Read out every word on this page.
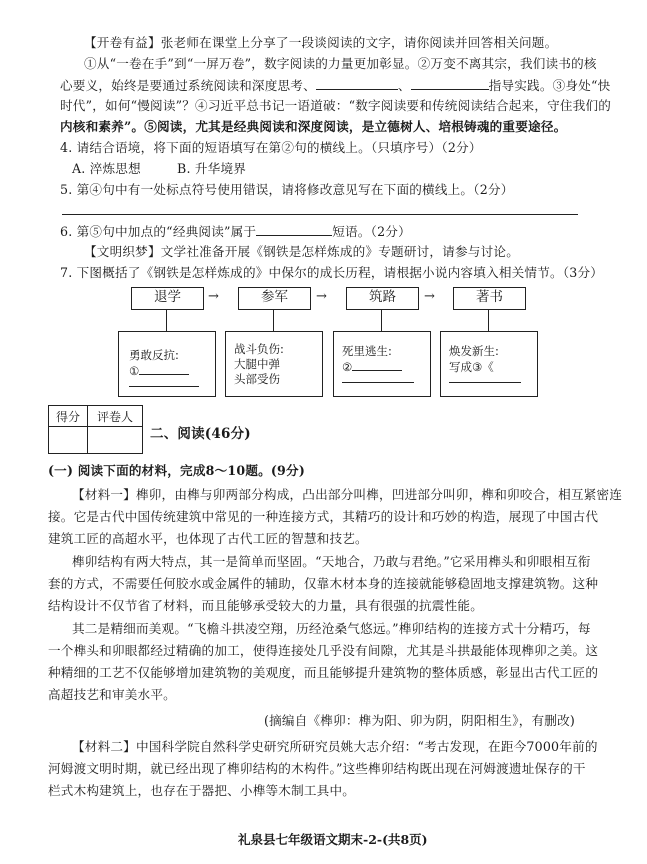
【开卷有益】张老师在课堂上分享了一段谈阅读的文字，请你阅读并回答相关问题。
①从“一卷在手”到“一屏万卷”，数字阅读的力量更加彰显。②万变不离其宗，我们读书的核
心要义，始终是要通过系统阅读和深度思考、	、	指导实践。③身处“快
时代”，如何“慢阅读”？④习近平总书记一语道破：“数字阅读要和传统阅读结合起来，守住我们的
内核和素养”。⑤阅读，尤其是经典阅读和深度阅读，是立德树人、培根铸魂的重要途径。
4. 请结合语境，将下面的短语填写在第②句的横线上。（只填序号）（2分）
A. 淬炼思想	B. 升华境界
5. 第④句中有一处标点符号使用错误，请将修改意见写在下面的横线上。（2分）
6. 第⑤句中加点的“经典阅读”属于	短语。（2分）
【文明织梦】文学社准备开展《钢铁是怎样炼成的》专题研讨，请参与讨论。
7. 下图概括了《钢铁是怎样炼成的》中保尔的成长历程，请根据小说内容填入相关情节。（3分）
退学	参军	筑路	著书
→	→	→
勇敢反抗:
①
战斗负伤:
大腿中弹
头部受伤
死里逃生:
②
焕发新生:
写成③《
得分	评卷人

二、阅读(46分)
(一) 阅读下面的材料，完成8～10题。(9分)
【材料一】榫卯，由榫与卯两部分构成，凸出部分叫榫，凹进部分叫卯，榫和卯咬合，相互紧密连
接。它是古代中国传统建筑中常见的一种连接方式，其精巧的设计和巧妙的构造，展现了中国古代
建筑工匠的高超水平，也体现了古代工匠的智慧和技艺。
榫卯结构有两大特点，其一是简单而坚固。“天地合，乃敢与君绝。”它采用榫头和卯眼相互衔
套的方式，不需要任何胶水或金属件的辅助，仅靠木材本身的连接就能够稳固地支撑建筑物。这种
结构设计不仅节省了材料，而且能够承受较大的力量，具有很强的抗震性能。
其二是精细而美观。“飞檐斗拱凌空翔，历经沧桑气悠远。”榫卯结构的连接方式十分精巧，每
一个榫头和卯眼都经过精确的加工，使得连接处几乎没有间隙，尤其是斗拱最能体现榫卯之美。这
种精细的工艺不仅能够增加建筑物的美观度，而且能够提升建筑物的整体质感，彰显出古代工匠的
高超技艺和审美水平。
(摘编自《榫卯：榫为阳、卯为阴，阴阳相生》，有删改)
【材料二】中国科学院自然科学史研究所研究员姚大志介绍：“考古发现，在距今7000年前的
河姆渡文明时期，就已经出现了榫卯结构的木构件。”这些榫卯结构既出现在河姆渡遗址保存的干
栏式木构建筑上，也存在于器把、小榫等木制工具中。
礼泉县七年级语文期末-2-(共8页)
